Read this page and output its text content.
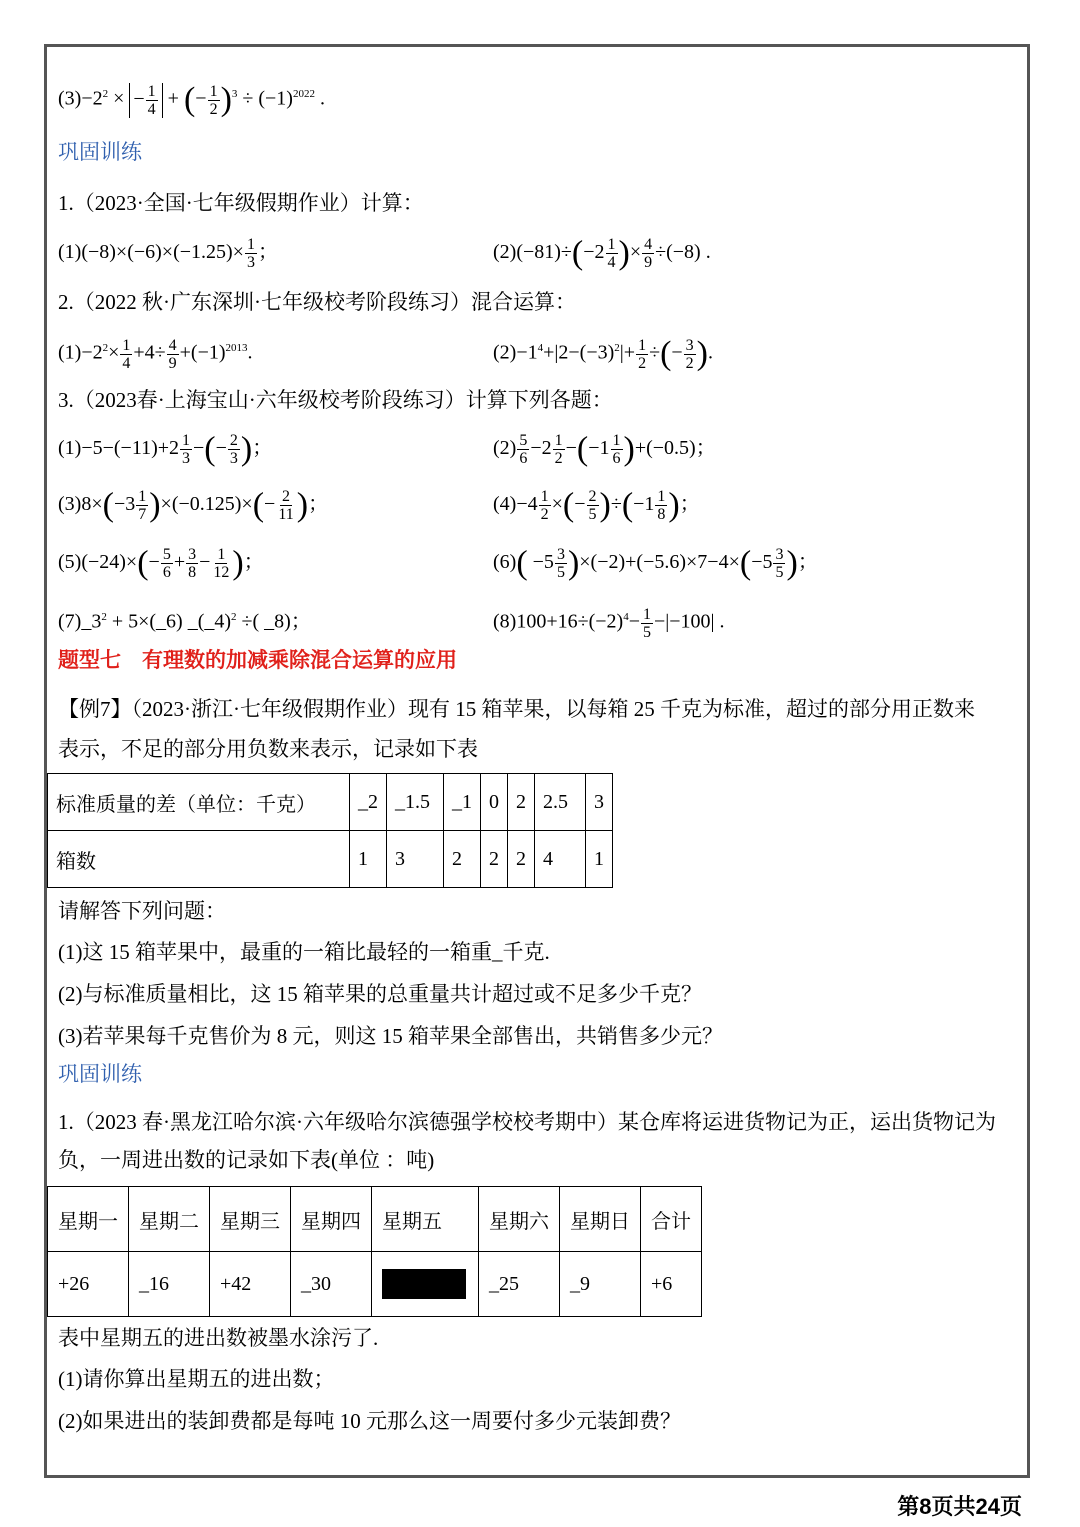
$(3)-2^2$ × − $\frac{1}{4}$ + (− $\frac{1}{2} )^3 \div (-1)^{2022}$ .
巩固训练
1.（2023·全国·七年级假期作业）计算：
$(1)(-8)\times(-6)\times(-1.25)\times \frac{1}{3}$ ；	$(2)(-81)\div(-2 \frac{1}{4}$ )× $\frac{4}{9} \div(-8)$ .
2.（2022 秋·广东深圳·七年级校考阶段练习）混合运算：
$(1)-2^2\times \frac{1}{4} +4\div \frac{4}{9} +(-1)^{2013}$.	$(2)-1^4+|2-(-3)^2|+ \frac{1}{2}$ ÷(− $\frac{3}{2}$ ).
3.（2023春·上海宝山·六年级校考阶段练习）计算下列各题：
$(1)-5-(-11)+2 \frac{1}{3}$ −(− $\frac{2}{3}$ )；	$(2) \frac{5}{6} -2 \frac{1}{2} -(-1 \frac{1}{6} )+(-0.5)$；
$(3)8\times(-3 \frac{1}{7} )\times(-0.125)\times(- \frac{2}{11}$ )；	$(4)-4 \frac{1}{2}$ ×(− $\frac{2}{5} )\div(-1 \frac{1}{8}$ )；
$(5)(-24)\times(- \frac{5}{6} + \frac{3}{8} - \frac{1}{12}$ )；	$(6)( -5 \frac{3}{5} )\times(-2)+(-5.6)\times 7-4\times(-5 \frac{3}{5}$ )；
$(7)\_3^2$ + 5×(_6) _(_4)$^2$ ÷( _8)；	$(8)100+16\div(-2)^4- \frac{1}{5} -|-100|$ .
题型七　有理数的加减乘除混合运算的应用
【例7】（2023·浙江·七年级假期作业）现有 15 箱苹果，以每箱 25 千克为标准，超过的部分用正数来
表示，不足的部分用负数来表示，记录如下表
标准质量的差（单位：千克）	_2	_1.5	_1	0	2	2.5	3
箱数	1	3	2	2	2	4	1
请解答下列问题：
(1)这 15 箱苹果中，最重的一箱比最轻的一箱重_千克.
(2)与标准质量相比，这 15 箱苹果的总重量共计超过或不足多少千克？
(3)若苹果每千克售价为 8 元，则这 15 箱苹果全部售出，共销售多少元？
巩固训练
1.（2023 春·黑龙江哈尔滨·六年级哈尔滨德强学校校考期中）某仓库将运进货物记为正，运出货物记为
负，一周进出数的记录如下表(单位 ：吨)
星期一	星期二	星期三	星期四	星期五	星期六	星期日	合计
+26	_16	+42	_30		_25	_9	+6
表中星期五的进出数被墨水涂污了.
(1)请你算出星期五的进出数；
(2)如果进出的装卸费都是每吨 10 元那么这一周要付多少元装卸费？
第8页共24页
